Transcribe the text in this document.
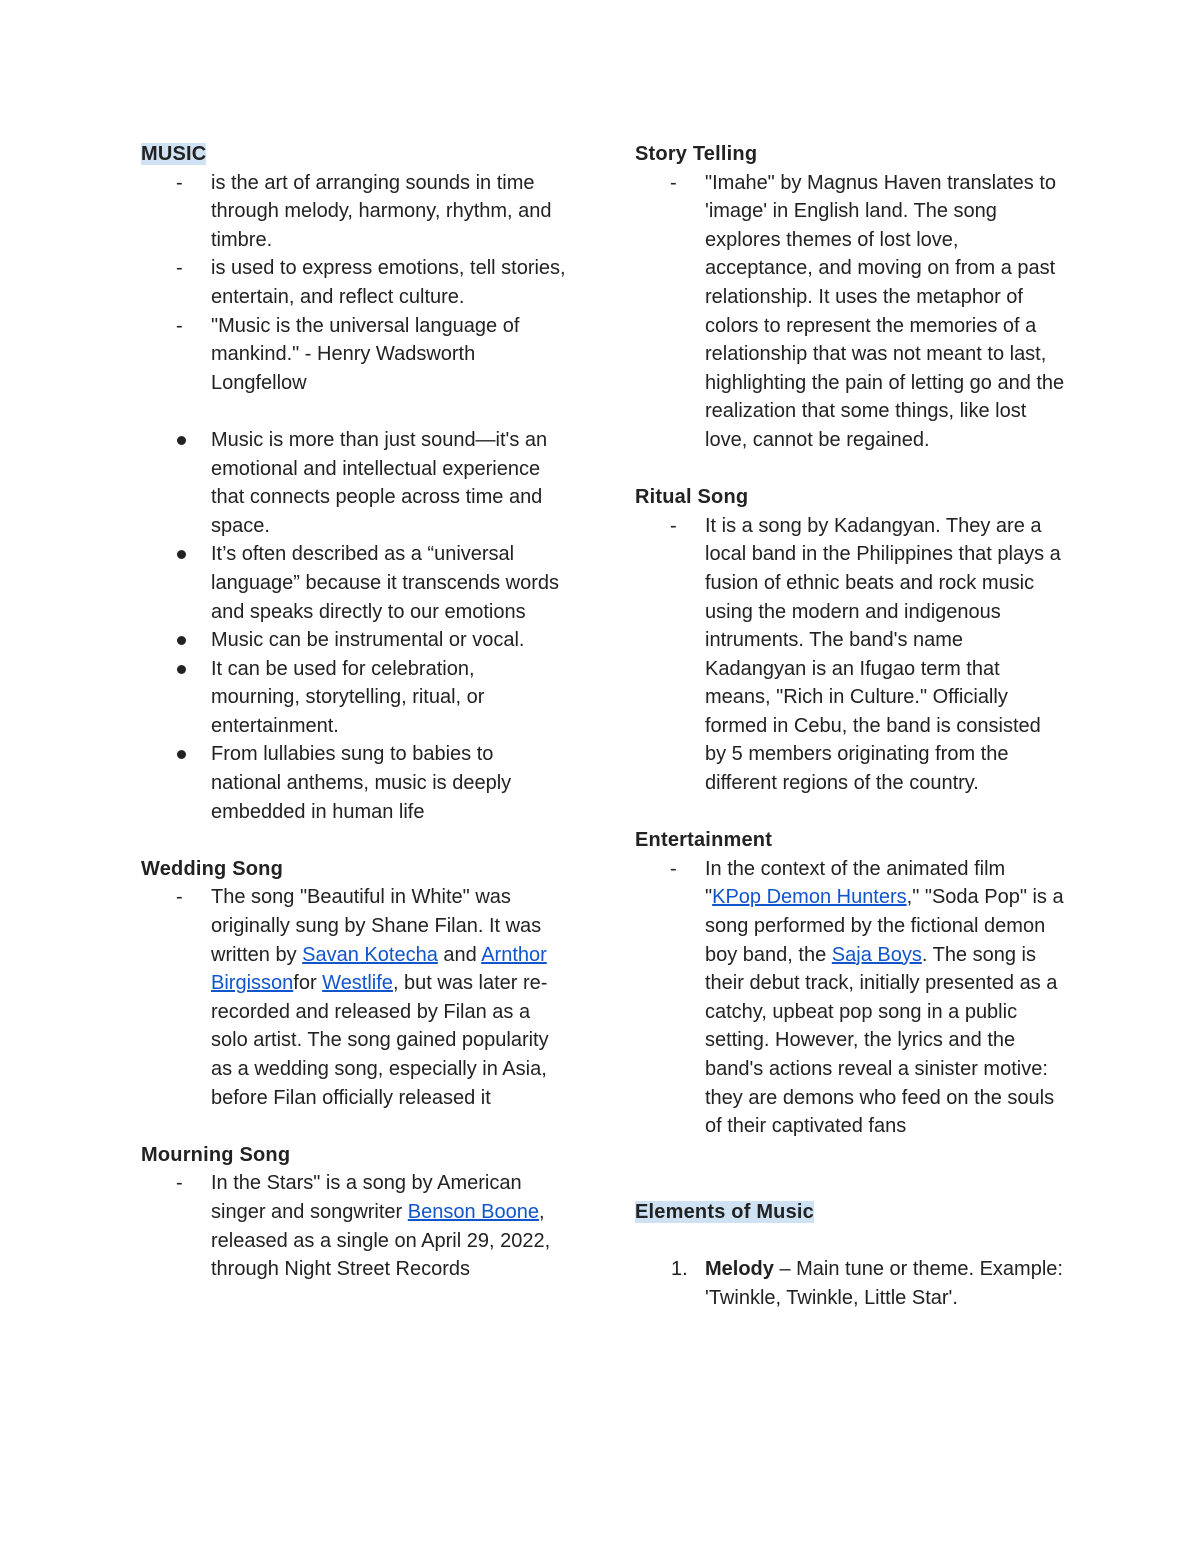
MUSIC

- is the art of arranging sounds in time through melody, harmony, rhythm, and timbre.
- is used to express emotions, tell stories, entertain, and reflect culture.
- "Music is the universal language of mankind." - Henry Wadsworth Longfellow
Music is more than just sound—it's an emotional and intellectual experience that connects people across time and space.
It’s often described as a “universal language” because it transcends words and speaks directly to our emotions
Music can be instrumental or vocal.
It can be used for celebration, mourning, storytelling, ritual, or entertainment.
From lullabies sung to babies to national anthems, music is deeply embedded in human life

Wedding Song

- The song "Beautiful in White" was originally sung by Shane Filan. It was written by Savan Kotecha and Arnthor Birgissonfor Westlife, but was later re-recorded and released by Filan as a solo artist. The song gained popularity as a wedding song, especially in Asia, before Filan officially released it

Mourning Song

- In the Stars" is a song by American singer and songwriter Benson Boone, released as a single on April 29, 2022, through Night Street Records

Story Telling

- "Imahe" by Magnus Haven translates to 'image' in English land. The song explores themes of lost love, acceptance, and moving on from a past relationship. It uses the metaphor of colors to represent the memories of a relationship that was not meant to last, highlighting the pain of letting go and the realization that some things, like lost love, cannot be regained.

Ritual Song

- It is a song by Kadangyan. They are a local band in the Philippines that plays a fusion of ethnic beats and rock music using the modern and indigenous intruments. The band's name Kadangyan is an Ifugao term that means, "Rich in Culture." Officially formed in Cebu, the band is consisted by 5 members originating from the different regions of the country.

Entertainment

- In the context of the animated film "KPop Demon Hunters," "Soda Pop" is a song performed by the fictional demon boy band, the Saja Boys. The song is their debut track, initially presented as a catchy, upbeat pop song in a public setting. However, the lyrics and the band's actions reveal a sinister motive: they are demons who feed on the souls of their captivated fans

Elements of Music

1. Melody – Main tune or theme. Example: 'Twinkle, Twinkle, Little Star'.
